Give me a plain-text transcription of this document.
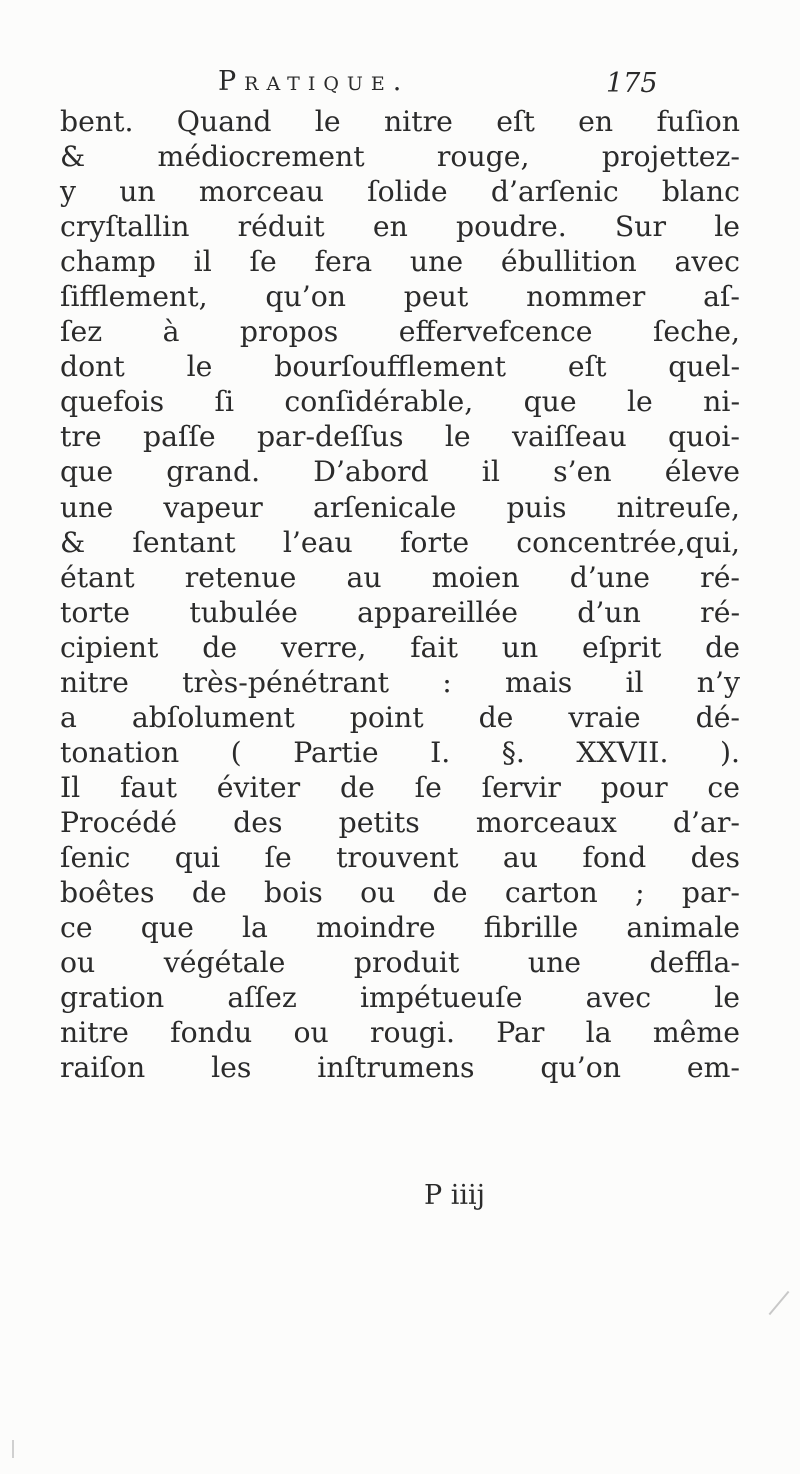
Pratique.	175
bent. Quand le nitre eſt en fuſion
& médiocrement rouge, projettez-
y un morceau ſolide d’arſenic blanc
cryſtallin réduit en poudre. Sur le
champ il ſe fera une ébullition avec
ſifflement, qu’on peut nommer aſ-
ſez à propos effervefcence ſeche,
dont le bourſoufflement eſt quel-
quefois ſi conſidérable, que le ni-
tre paſſe par-deſſus le vaiſſeau quoi-
que grand. D’abord il s’en éleve
une vapeur arſenicale puis nitreuſe,
& ſentant l’eau forte concentrée,qui,
étant retenue au moien d’une ré-
torte tubulée appareillée d’un ré-
cipient de verre, fait un eſprit de
nitre très-pénétrant : mais il n’y
a abſolument point de vraie dé-
tonation ( Partie I. §. XXVII. ).
Il faut éviter de ſe ſervir pour ce
Procédé des petits morceaux d’ar-
ſenic qui ſe trouvent au fond des
boêtes de bois ou de carton ; par-
ce que la moindre fibrille animale
ou végétale produit une deffla-
gration aſſez impétueuſe avec le
nitre fondu ou rougi. Par la même
raiſon les inſtrumens qu’on em-
P iiij
